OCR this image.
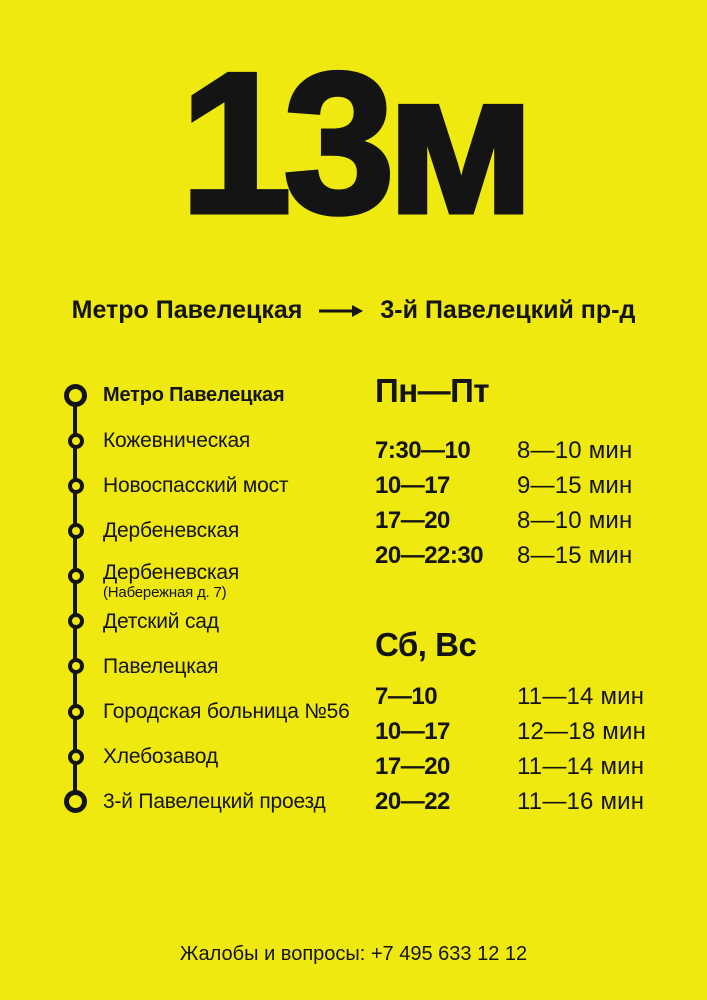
13м
Метро Павелецкая	3-й Павелецкий пр-д
Метро Павелецкая
Кожевническая
Новоспасский мост
Дербеневская
Дербеневская
(Набережная д. 7)
Детский сад
Павелецкая
Городская больница №56
Хлебозавод
3-й Павелецкий проезд
Пн—Пт
7:30—10	8—10 мин
10—17	9—15 мин
17—20	8—10 мин
20—22:30	8—15 мин
Сб, Вс
7—10	11—14 мин
10—17	12—18 мин
17—20	11—14 мин
20—22	11—16 мин
Жалобы и вопросы: +7 495 633 12 12
